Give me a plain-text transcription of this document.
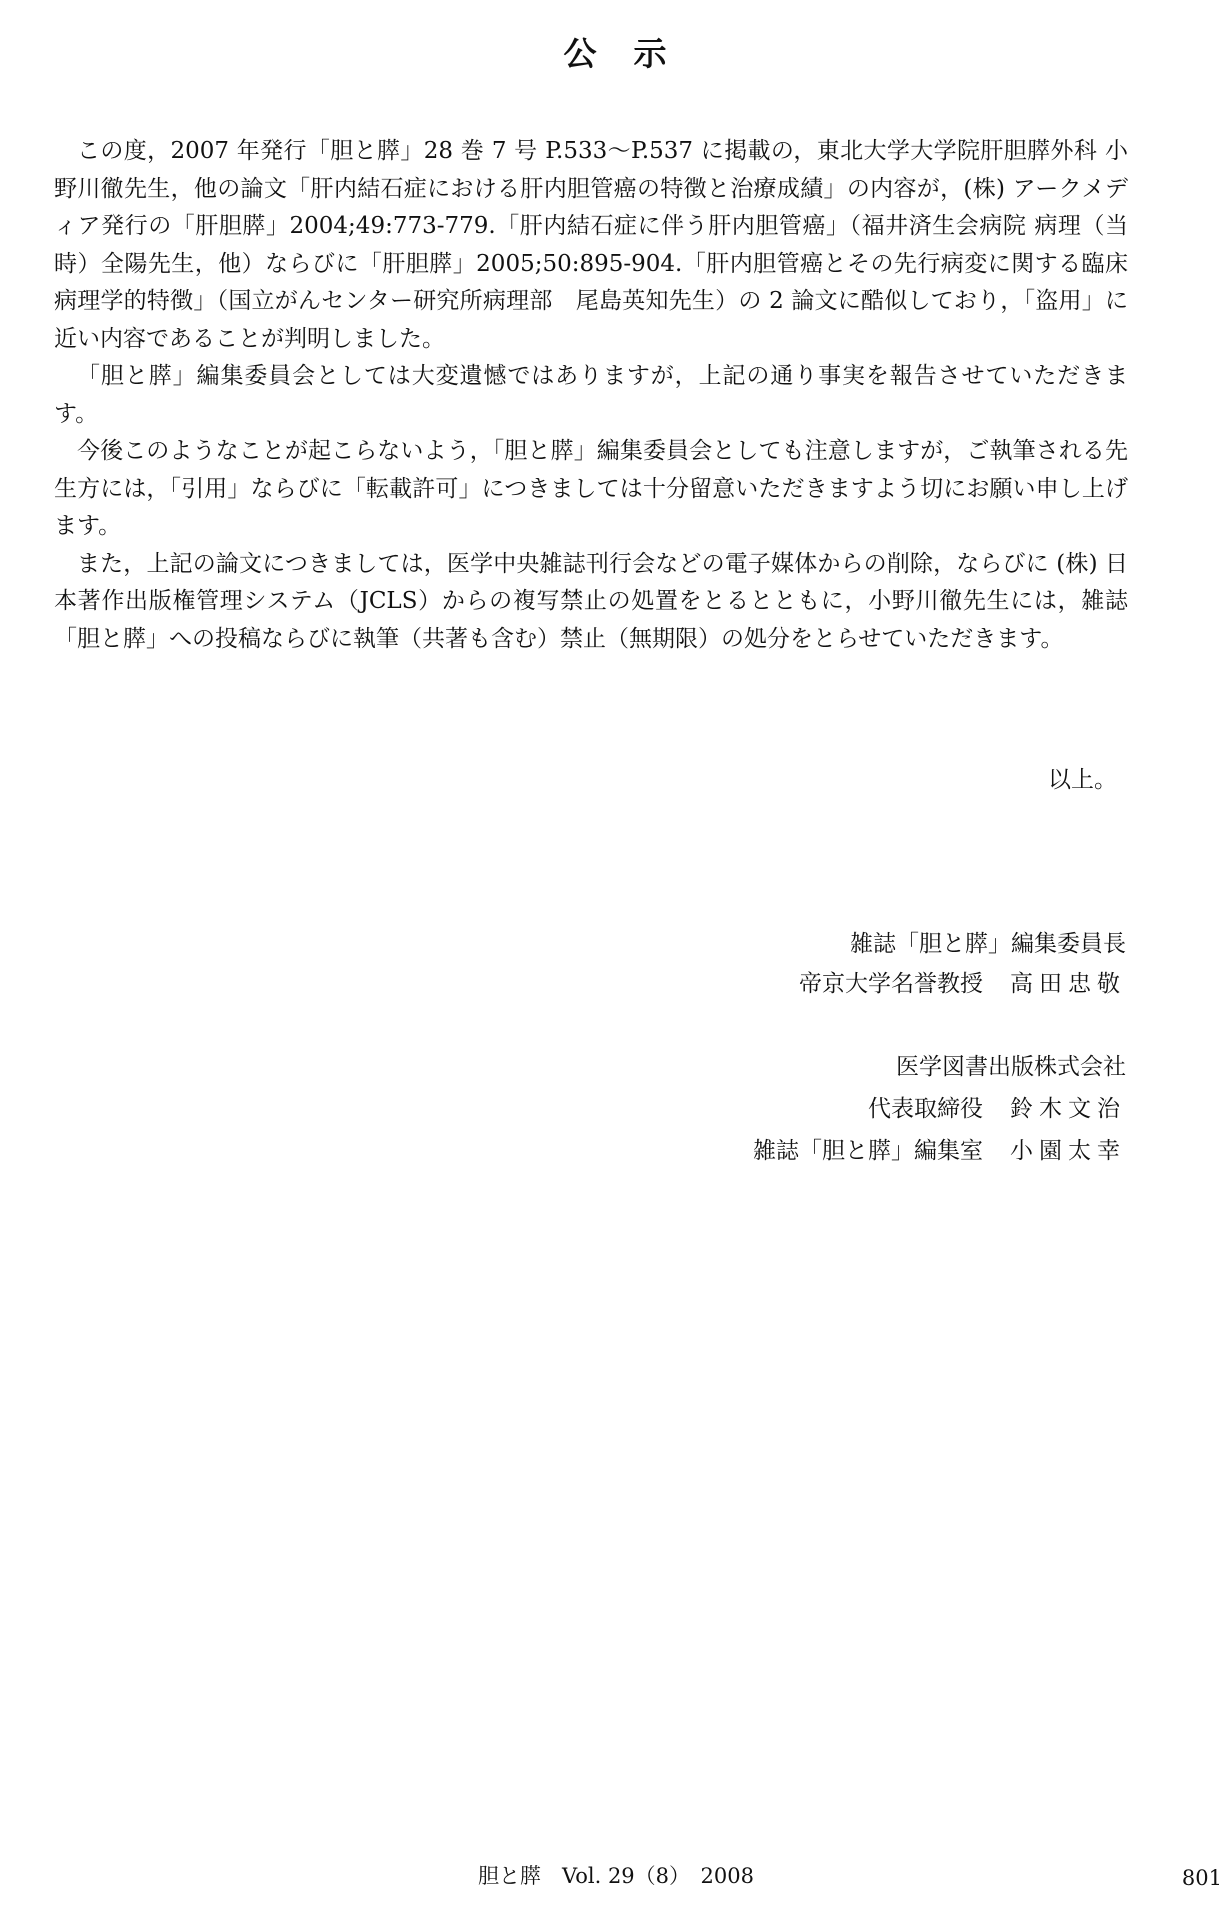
公　示

この度，2007 年発行「胆と膵」28 巻 7 号 P.533〜P.537 に掲載の，東北大学大学院肝胆膵外科 小野川徹先生，他の論文「肝内結石症における肝内胆管癌の特徴と治療成績」の内容が，(株) アークメディア発行の「肝胆膵」2004;49:773-779.「肝内結石症に伴う肝内胆管癌」（福井済生会病院 病理（当時）全陽先生，他）ならびに「肝胆膵」2005;50:895-904.「肝内胆管癌とその先行病変に関する臨床病理学的特徴」（国立がんセンター研究所病理部　尾島英知先生）の 2 論文に酷似しており，「盗用」に近い内容であることが判明しました。

「胆と膵」編集委員会としては大変遺憾ではありますが，上記の通り事実を報告させていただきます。

今後このようなことが起こらないよう，「胆と膵」編集委員会としても注意しますが，ご執筆される先生方には，「引用」ならびに「転載許可」につきましては十分留意いただきますよう切にお願い申し上げます。

また，上記の論文につきましては，医学中央雑誌刊行会などの電子媒体からの削除，ならびに (株) 日本著作出版権管理システム（JCLS）からの複写禁止の処置をとるとともに，小野川徹先生には，雑誌「胆と膵」への投稿ならびに執筆（共著も含む）禁止（無期限）の処分をとらせていただきます。

以上。
雑誌「胆と膵」編集委員長
帝京大学名誉教授 高田忠敬
医学図書出版株式会社
代表取締役 鈴木文治
雑誌「胆と膵」編集室 小園太幸
胆と膵　Vol. 29（8）　2008	801
